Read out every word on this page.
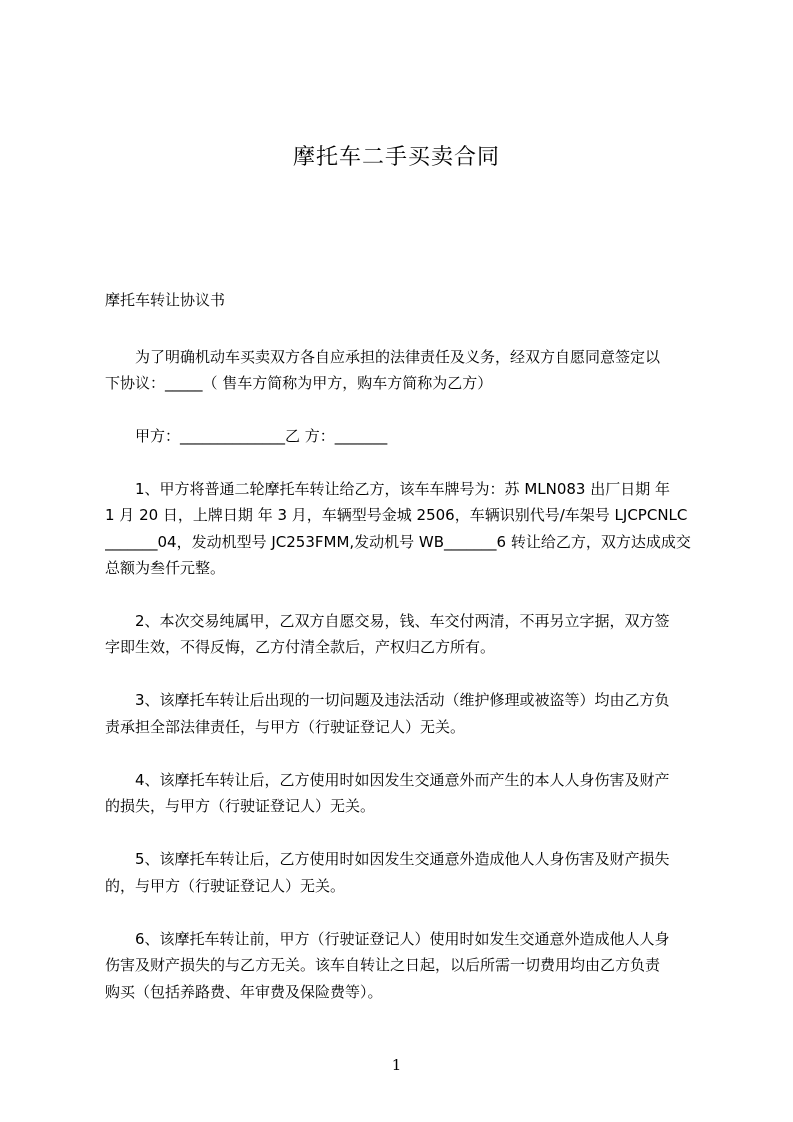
摩托车二手买卖合同
摩托车转让协议书
　　为了明确机动车买卖双方各自应承担的法律责任及义务，经双方自愿同意签定以
下协议：_____（ 售车方简称为甲方，购车方简称为乙方）
　　甲方：______________乙 方：_______
　　1、甲方将普通二轮摩托车转让给乙方，该车车牌号为：苏 MLN083 出厂日期 年
1 月 20 日，上牌日期 年 3 月，车辆型号金城 2506，车辆识别代号/车架号 LJCPCNLC
_______04，发动机型号 JC253FMM,发动机号 WB_______6 转让给乙方，双方达成成交
总额为叁仟元整。
　　2、本次交易纯属甲，乙双方自愿交易，钱、车交付两清，不再另立字据，双方签
字即生效，不得反悔，乙方付清全款后，产权归乙方所有。
　　3、该摩托车转让后出现的一切问题及违法活动（维护修理或被盗等）均由乙方负
责承担全部法律责任，与甲方（行驶证登记人）无关。
　　4、该摩托车转让后，乙方使用时如因发生交通意外而产生的本人人身伤害及财产
的损失，与甲方（行驶证登记人）无关。
　　5、该摩托车转让后，乙方使用时如因发生交通意外造成他人人身伤害及财产损失
的，与甲方（行驶证登记人）无关。
　　6、该摩托车转让前，甲方（行驶证登记人）使用时如发生交通意外造成他人人身
伤害及财产损失的与乙方无关。该车自转让之日起，以后所需一切费用均由乙方负责
购买（包括养路费、年审费及保险费等）。
1
